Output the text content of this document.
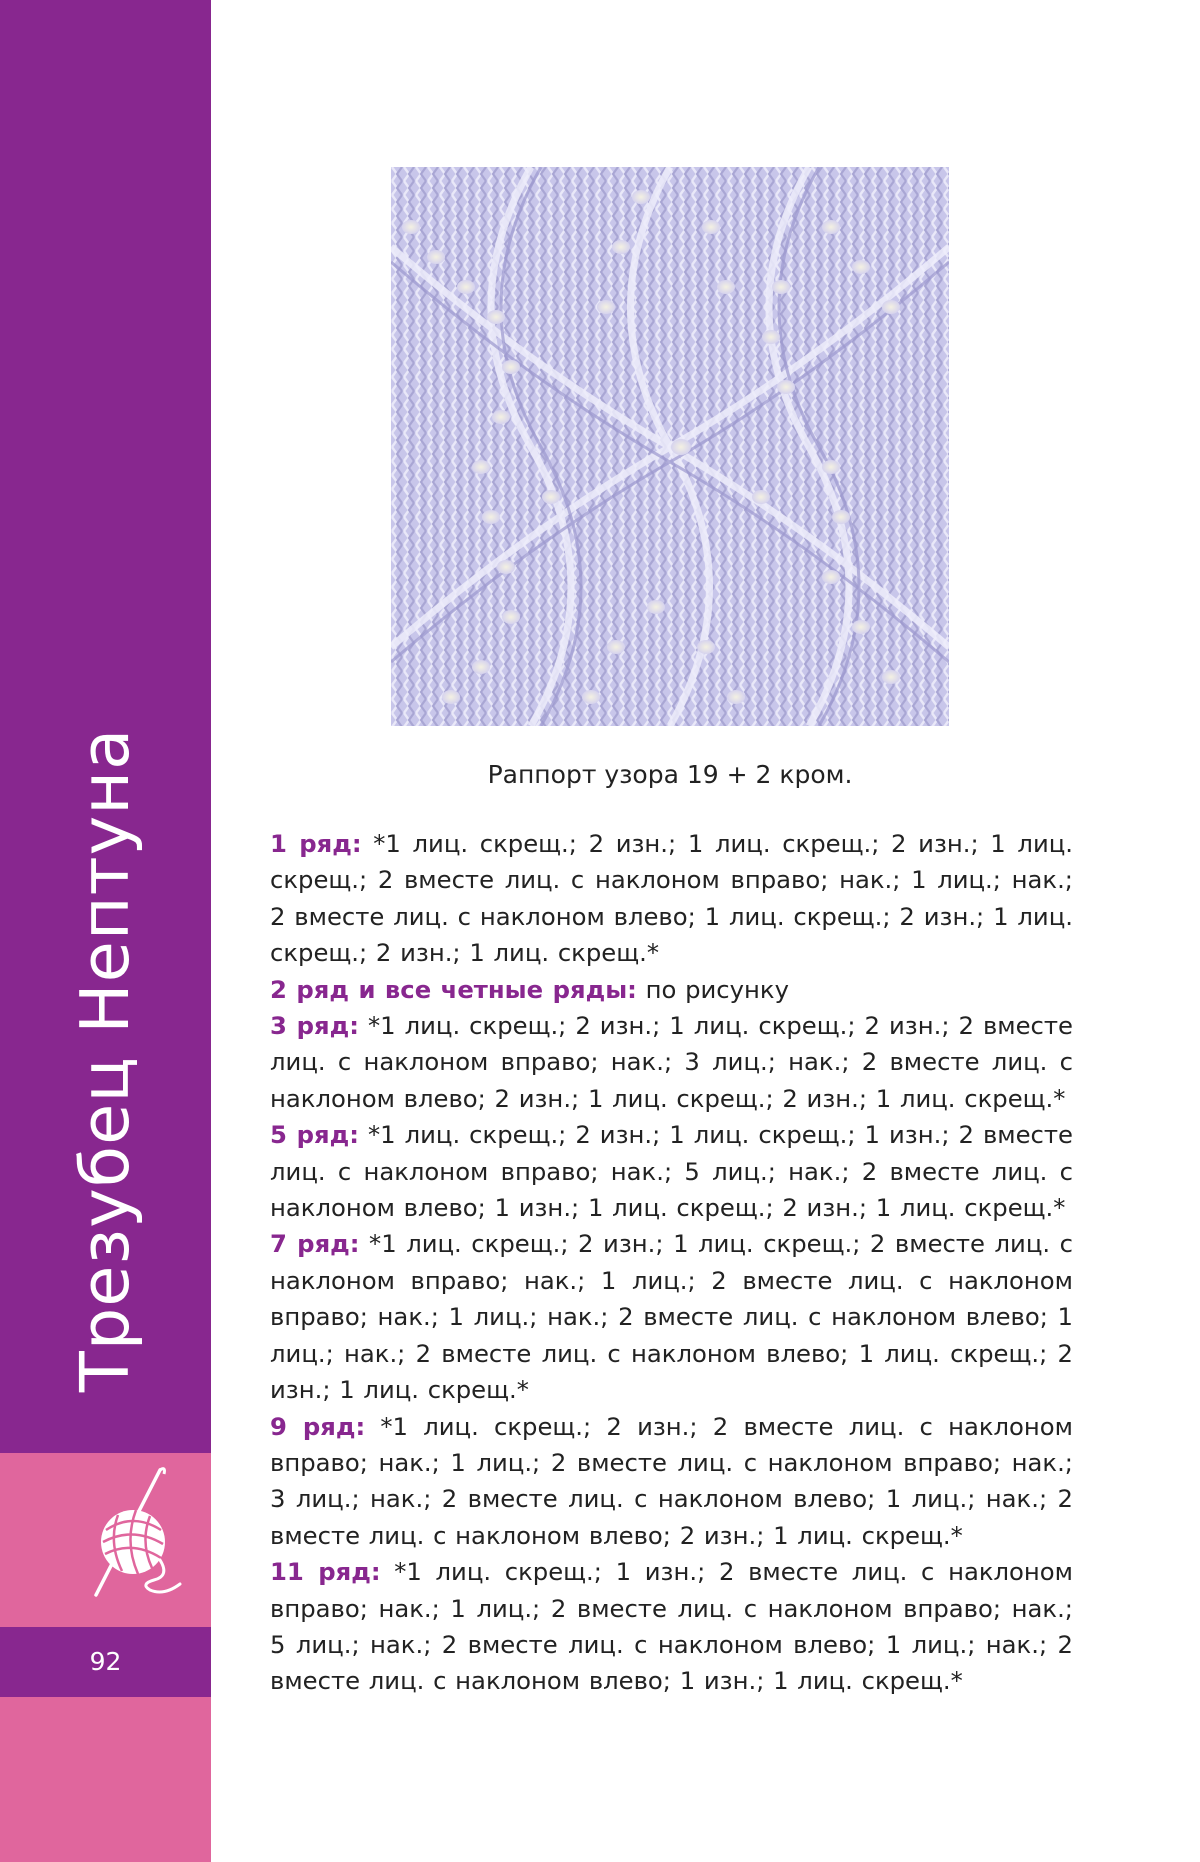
Трезубец Нептуна
92
Раппорт узора 19 + 2 кром.

1 ряд: *1 лиц. скрещ.; 2 изн.; 1 лиц. скрещ.; 2 изн.; 1 лиц. скрещ.; 2 вместе лиц. с наклоном вправо; нак.; 1 лиц.; нак.; 2 вместе лиц. с наклоном влево; 1 лиц. скрещ.; 2 изн.; 1 лиц. скрещ.; 2 изн.; 1 лиц. скрещ.*

2 ряд и все четные ряды: по рисунку

3 ряд: *1 лиц. скрещ.; 2 изн.; 1 лиц. скрещ.; 2 изн.; 2 вместе лиц. с наклоном вправо; нак.; 3 лиц.; нак.; 2 вместе лиц. с наклоном влево; 2 изн.; 1 лиц. скрещ.; 2 изн.; 1 лиц. скрещ.*

5 ряд: *1 лиц. скрещ.; 2 изн.; 1 лиц. скрещ.; 1 изн.; 2 вместе лиц. с наклоном вправо; нак.; 5 лиц.; нак.; 2 вместе лиц. с наклоном влево; 1 изн.; 1 лиц. скрещ.; 2 изн.; 1 лиц. скрещ.*

7 ряд: *1 лиц. скрещ.; 2 изн.; 1 лиц. скрещ.; 2 вместе лиц. с наклоном вправо; нак.; 1 лиц.; 2 вместе лиц. с наклоном вправо; нак.; 1 лиц.; нак.; 2 вместе лиц. с наклоном влево; 1 лиц.; нак.; 2 вместе лиц. с наклоном влево; 1 лиц. скрещ.; 2 изн.; 1 лиц. скрещ.*

9 ряд: *1 лиц. скрещ.; 2 изн.; 2 вместе лиц. с наклоном вправо; нак.; 1 лиц.; 2 вместе лиц. с наклоном вправо; нак.; 3 лиц.; нак.; 2 вместе лиц. с наклоном влево; 1 лиц.; нак.; 2 вместе лиц. с наклоном влево; 2 изн.; 1 лиц. скрещ.*

11 ряд: *1 лиц. скрещ.; 1 изн.; 2 вместе лиц. с наклоном вправо; нак.; 1 лиц.; 2 вместе лиц. с наклоном вправо; нак.; 5 лиц.; нак.; 2 вместе лиц. с наклоном влево; 1 лиц.; нак.; 2 вместе лиц. с наклоном влево; 1 изн.; 1 лиц. скрещ.*
